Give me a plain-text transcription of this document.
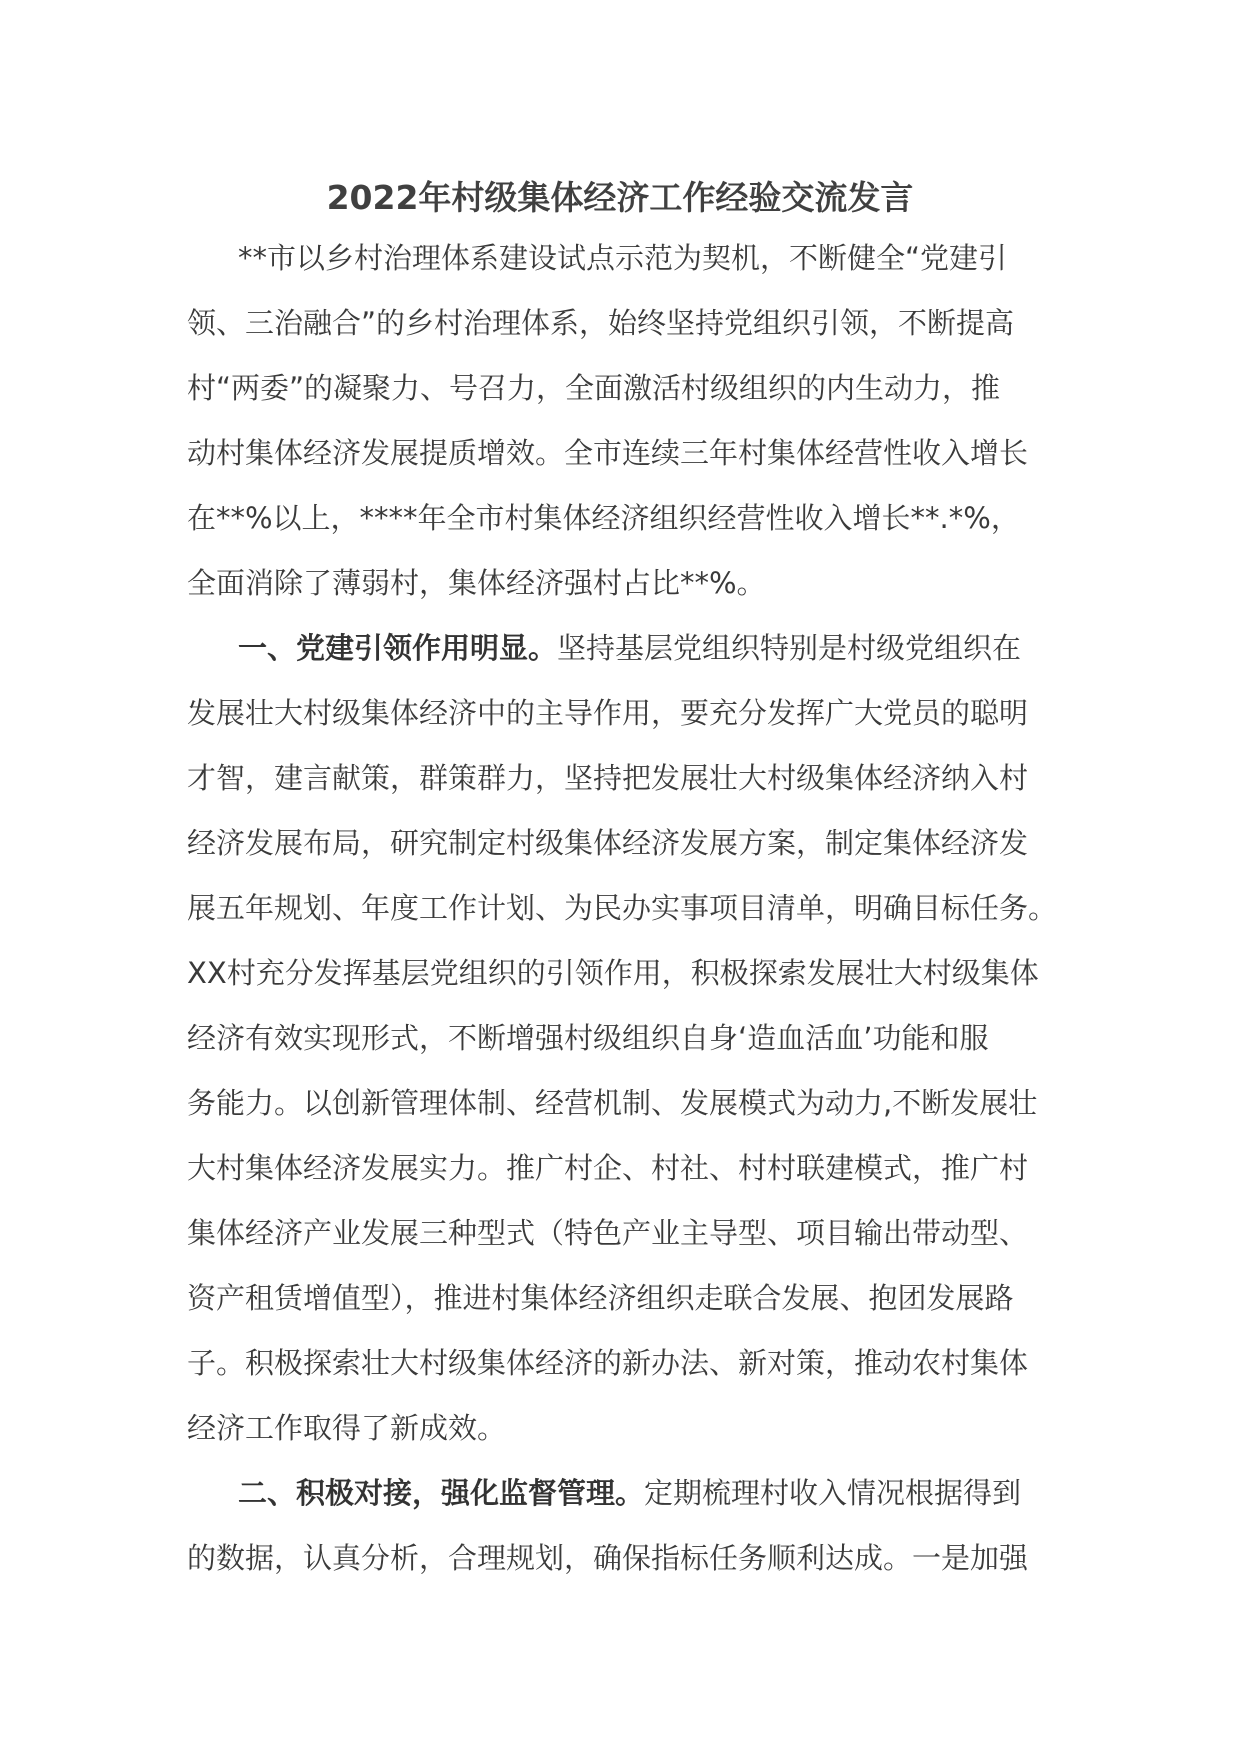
2022年村级集体经济工作经验交流发言
**市以乡村治理体系建设试点示范为契机，不断健全“党建引
领、三治融合”的乡村治理体系，始终坚持党组织引领，不断提高
村“两委”的凝聚力、号召力，全面激活村级组织的内生动力，推
动村集体经济发展提质增效。全市连续三年村集体经营性收入增长
在**%以上，****年全市村集体经济组织经营性收入增长**.*%，
全面消除了薄弱村，集体经济强村占比**%。
一、党建引领作用明显。坚持基层党组织特别是村级党组织在
发展壮大村级集体经济中的主导作用，要充分发挥广大党员的聪明
才智，建言献策，群策群力，坚持把发展壮大村级集体经济纳入村
经济发展布局，研究制定村级集体经济发展方案，制定集体经济发
展五年规划、年度工作计划、为民办实事项目清单，明确目标任务。
XX村充分发挥基层党组织的引领作用，积极探索发展壮大村级集体
经济有效实现形式，不断增强村级组织自身‘造血活血’功能和服
务能力。以创新管理体制、经营机制、发展模式为动力,不断发展壮
大村集体经济发展实力。推广村企、村社、村村联建模式，推广村
集体经济产业发展三种型式（特色产业主导型、项目输出带动型、
资产租赁增值型），推进村集体经济组织走联合发展、抱团发展路
子。积极探索壮大村级集体经济的新办法、新对策，推动农村集体
经济工作取得了新成效。
二、积极对接，强化监督管理。定期梳理村收入情况根据得到
的数据，认真分析，合理规划，确保指标任务顺利达成。一是加强
